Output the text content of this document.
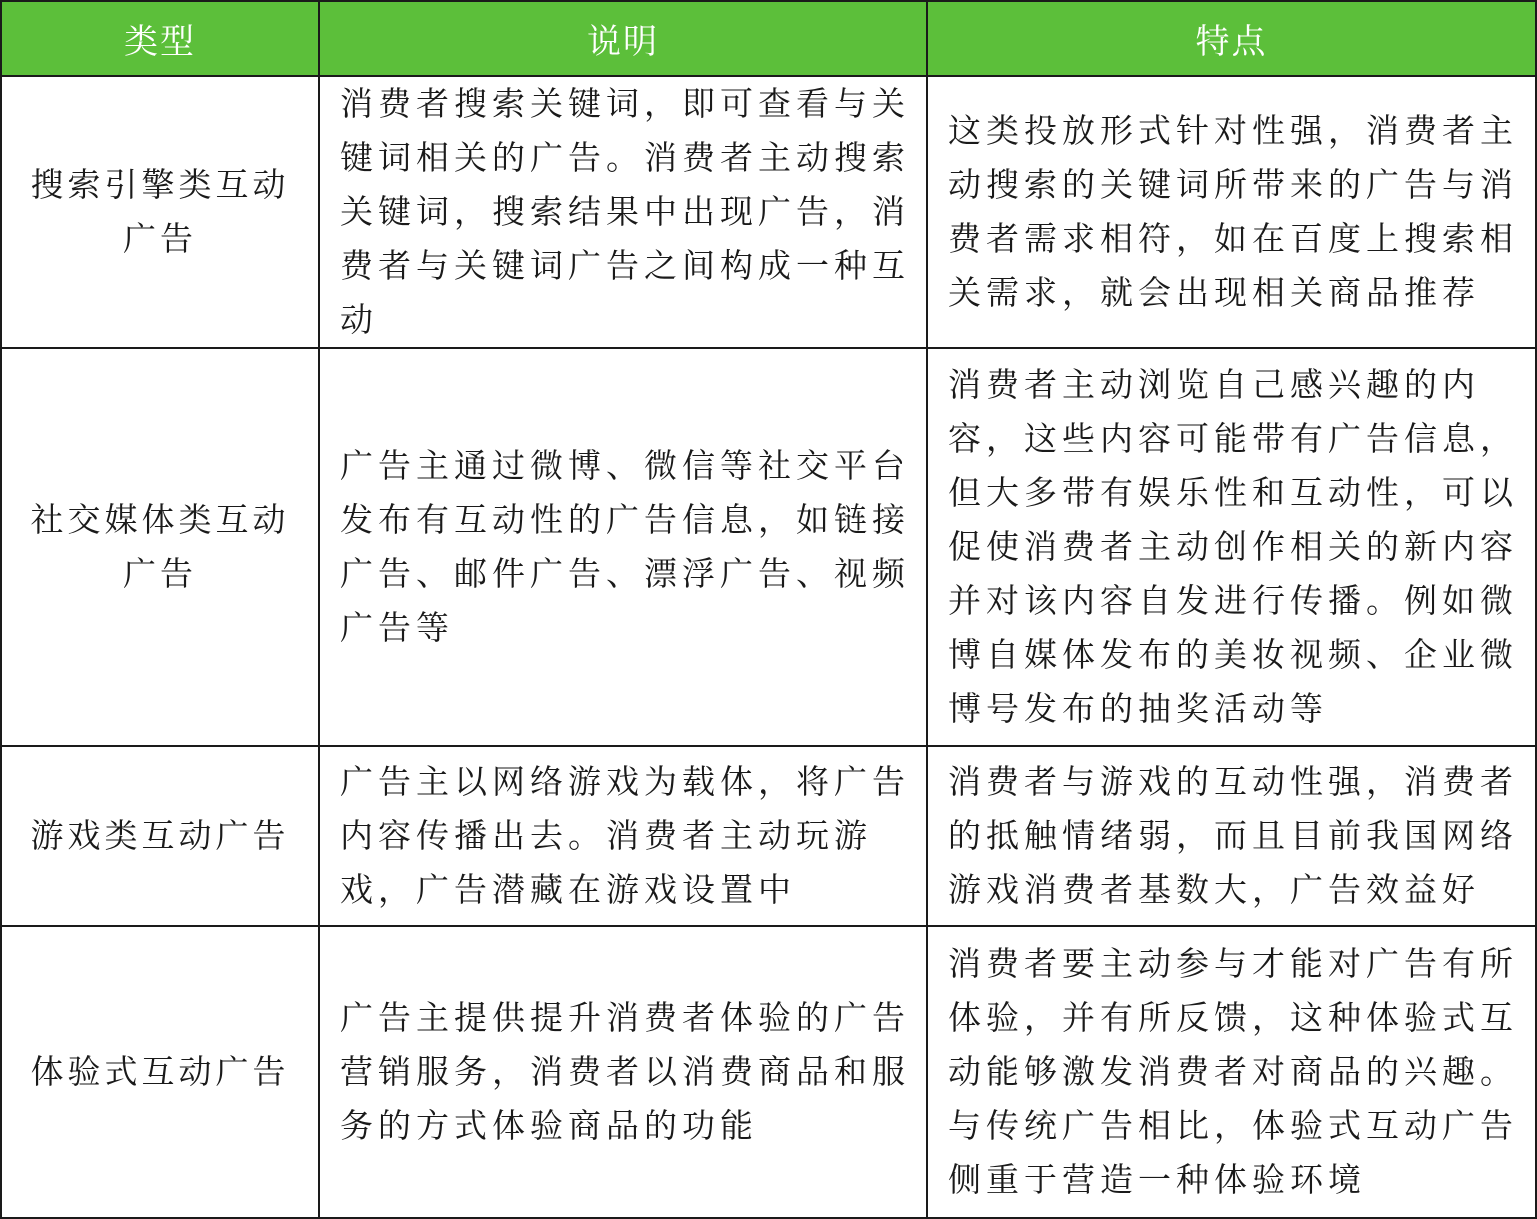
类型	说明	特点
搜索引擎类互动广告	消费者搜索关键词，即可查看与关键词相关的广告。消费者主动搜索关键词，搜索结果中出现广告，消费者与关键词广告之间构成一种互动	这类投放形式针对性强，消费者主动搜索的关键词所带来的广告与消费者需求相符，如在百度上搜索相关需求，就会出现相关商品推荐
社交媒体类互动广告	广告主通过微博、微信等社交平台发布有互动性的广告信息，如链接广告、邮件广告、漂浮广告、视频广告等	消费者主动浏览自己感兴趣的内容，这些内容可能带有广告信息，但大多带有娱乐性和互动性，可以促使消费者主动创作相关的新内容并对该内容自发进行传播。例如微博自媒体发布的美妆视频、企业微博号发布的抽奖活动等
游戏类互动广告	广告主以网络游戏为载体，将广告内容传播出去。消费者主动玩游戏，广告潜藏在游戏设置中	消费者与游戏的互动性强，消费者的抵触情绪弱，而且目前我国网络游戏消费者基数大，广告效益好
体验式互动广告	广告主提供提升消费者体验的广告营销服务，消费者以消费商品和服务的方式体验商品的功能	消费者要主动参与才能对广告有所体验，并有所反馈，这种体验式互动能够激发消费者对商品的兴趣。与传统广告相比，体验式互动广告侧重于营造一种体验环境
